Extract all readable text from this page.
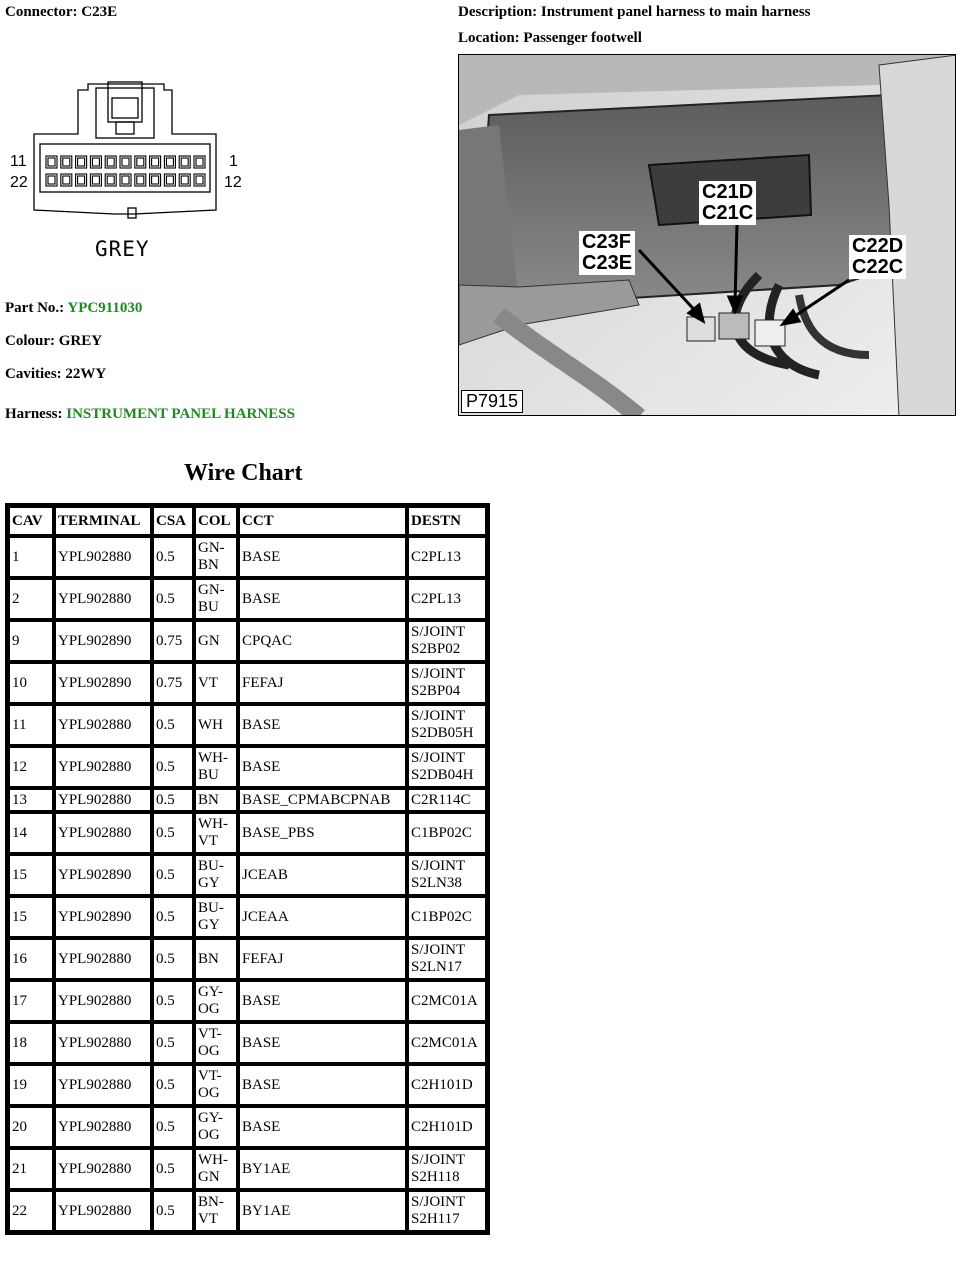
Connector: C23E	Description: Instrument panel harness to main harness
Location: Passenger footwell
11
22
1
12
GREY
C21D
C21C
C23F
C23E
C22D
C22C
P7915
Part No.: YPC911030
Colour: GREY
Cavities: 22WY
Harness: INSTRUMENT PANEL HARNESS
Wire Chart
CAV	TERMINAL	CSA	COL	CCT	DESTN
1	YPL902880	0.5	GN-
BN	BASE	C2PL13
2	YPL902880	0.5	GN-
BU	BASE	C2PL13
9	YPL902890	0.75	GN	CPQAC	S/JOINT
S2BP02
10	YPL902890	0.75	VT	FEFAJ	S/JOINT
S2BP04
11	YPL902880	0.5	WH	BASE	S/JOINT
S2DB05H
12	YPL902880	0.5	WH-
BU	BASE	S/JOINT
S2DB04H
13	YPL902880	0.5	BN	BASE_CPMABCPNAB	C2R114C
14	YPL902880	0.5	WH-
VT	BASE_PBS	C1BP02C
15	YPL902890	0.5	BU-
GY	JCEAB	S/JOINT
S2LN38
15	YPL902890	0.5	BU-
GY	JCEAA	C1BP02C
16	YPL902880	0.5	BN	FEFAJ	S/JOINT
S2LN17
17	YPL902880	0.5	GY-
OG	BASE	C2MC01A
18	YPL902880	0.5	VT-
OG	BASE	C2MC01A
19	YPL902880	0.5	VT-
OG	BASE	C2H101D
20	YPL902880	0.5	GY-
OG	BASE	C2H101D
21	YPL902880	0.5	WH-
GN	BY1AE	S/JOINT
S2H118
22	YPL902880	0.5	BN-
VT	BY1AE	S/JOINT
S2H117
